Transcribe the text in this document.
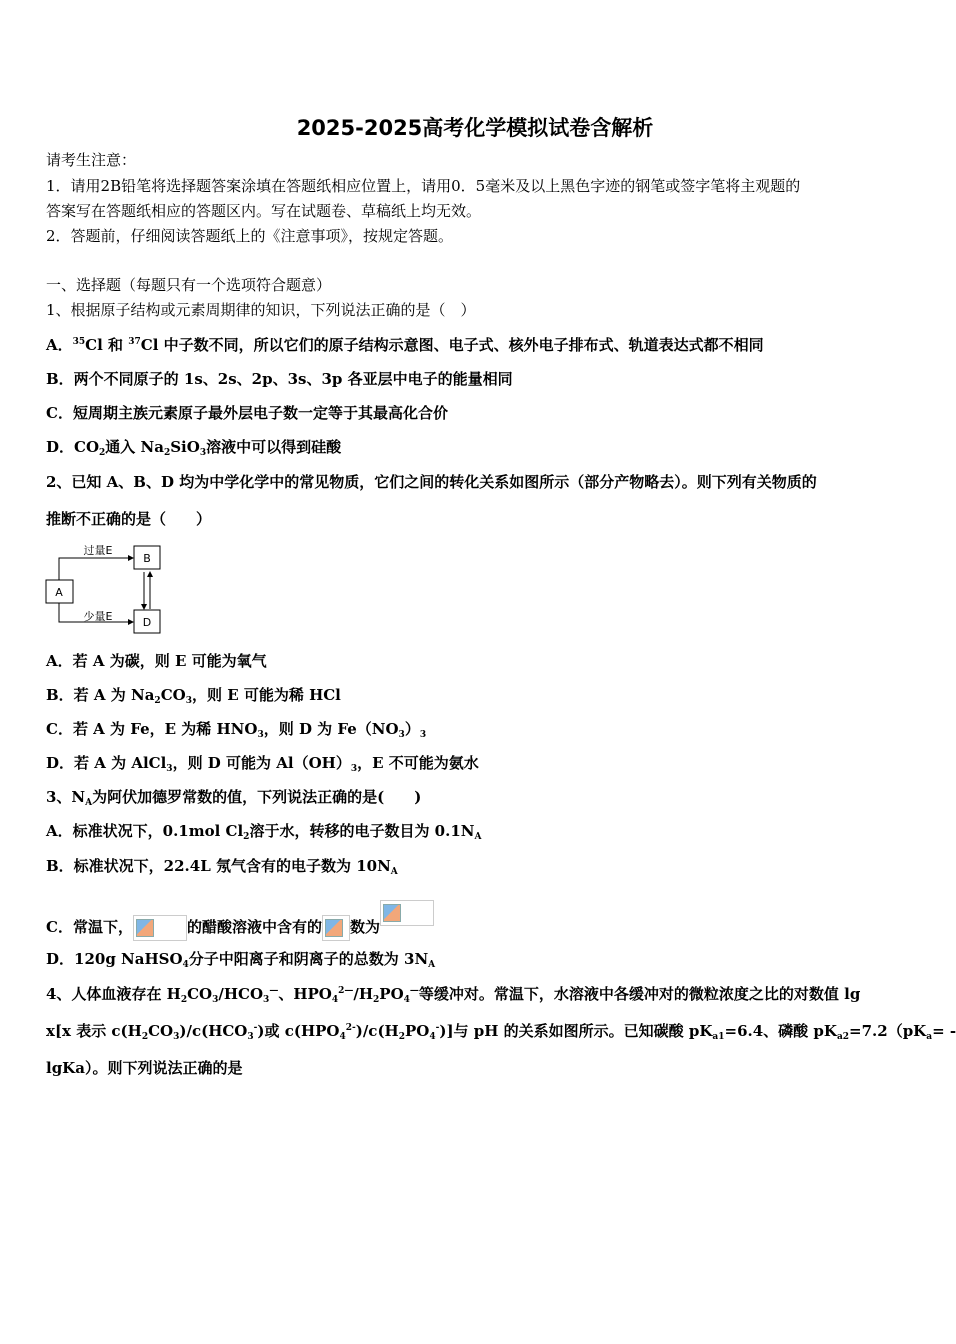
2025-2025高考化学模拟试卷含解析
请考生注意：
1．请用2B铅笔将选择题答案涂填在答题纸相应位置上，请用0．5毫米及以上黑色字迹的钢笔或签字笔将主观题的
答案写在答题纸相应的答题区内。写在试题卷、草稿纸上均无效。
2．答题前，仔细阅读答题纸上的《注意事项》，按规定答题。
一、选择题（每题只有一个选项符合题意）
1、根据原子结构或元素周期律的知识，下列说法正确的是（　）
A．$^{35}$Cl 和 $^{37}$Cl 中子数不同，所以它们的原子结构示意图、电子式、核外电子排布式、轨道表达式都不相同
B．两个不同原子的 1s、2s、2p、3s、3p 各亚层中电子的能量相同
C．短周期主族元素原子最外层电子数一定等于其最高化合价
D．$CO_2$通入 $Na_2SiO_3$溶液中可以得到硅酸
2、已知 A、B、D 均为中学化学中的常见物质，它们之间的转化关系如图所示（部分产物略去）。则下列有关物质的
推断不正确的是（　　）
A
B
D
过量E
少量E
A．若 A 为碳，则 E 可能为氧气
B．若 A 为 $Na_2CO_3$，则 E 可能为稀 HCl
C．若 A 为 Fe，E 为稀 $HNO_3$，则 D 为 $Fe(NO_3)_3$
D．若 A 为 AlCl$_3$，则 D 可能为 $Al(OH)_3$，E 不可能为氨水
3、$N_A$为阿伏加德罗常数的值，下列说法正确的是(　　)
A．标准状况下，0.1mol $Cl_2$溶于水，转移的电子数目为 $0.1N_A$
B．标准状况下，22.4L 氖气含有的电子数为 $10N_A$
C．常温下，	的醋酸溶液中含有的 数为
D．120g NaHSO$_4$分子中阳离子和阴离子的总数为 $3N_A$
4、人体血液存在 $H_2CO_3/HCO_3^—$、$HPO_4^{2—}/H_2PO_4^—$等缓冲对。常温下，水溶液中各缓冲对的微粒浓度之比的对数值 lg
x[x 表示 $c(H_2CO_3)/c(HCO_3^-)$或 $c(HPO_4^{2-})/c(H_2PO_4^-)$]与 pH 的关系如图所示。已知碳酸 $pK_{a1}=6.4$、磷酸 $pK_{a2}=7.2(pK_a=$ -
lgKa）。则下列说法正确的是
